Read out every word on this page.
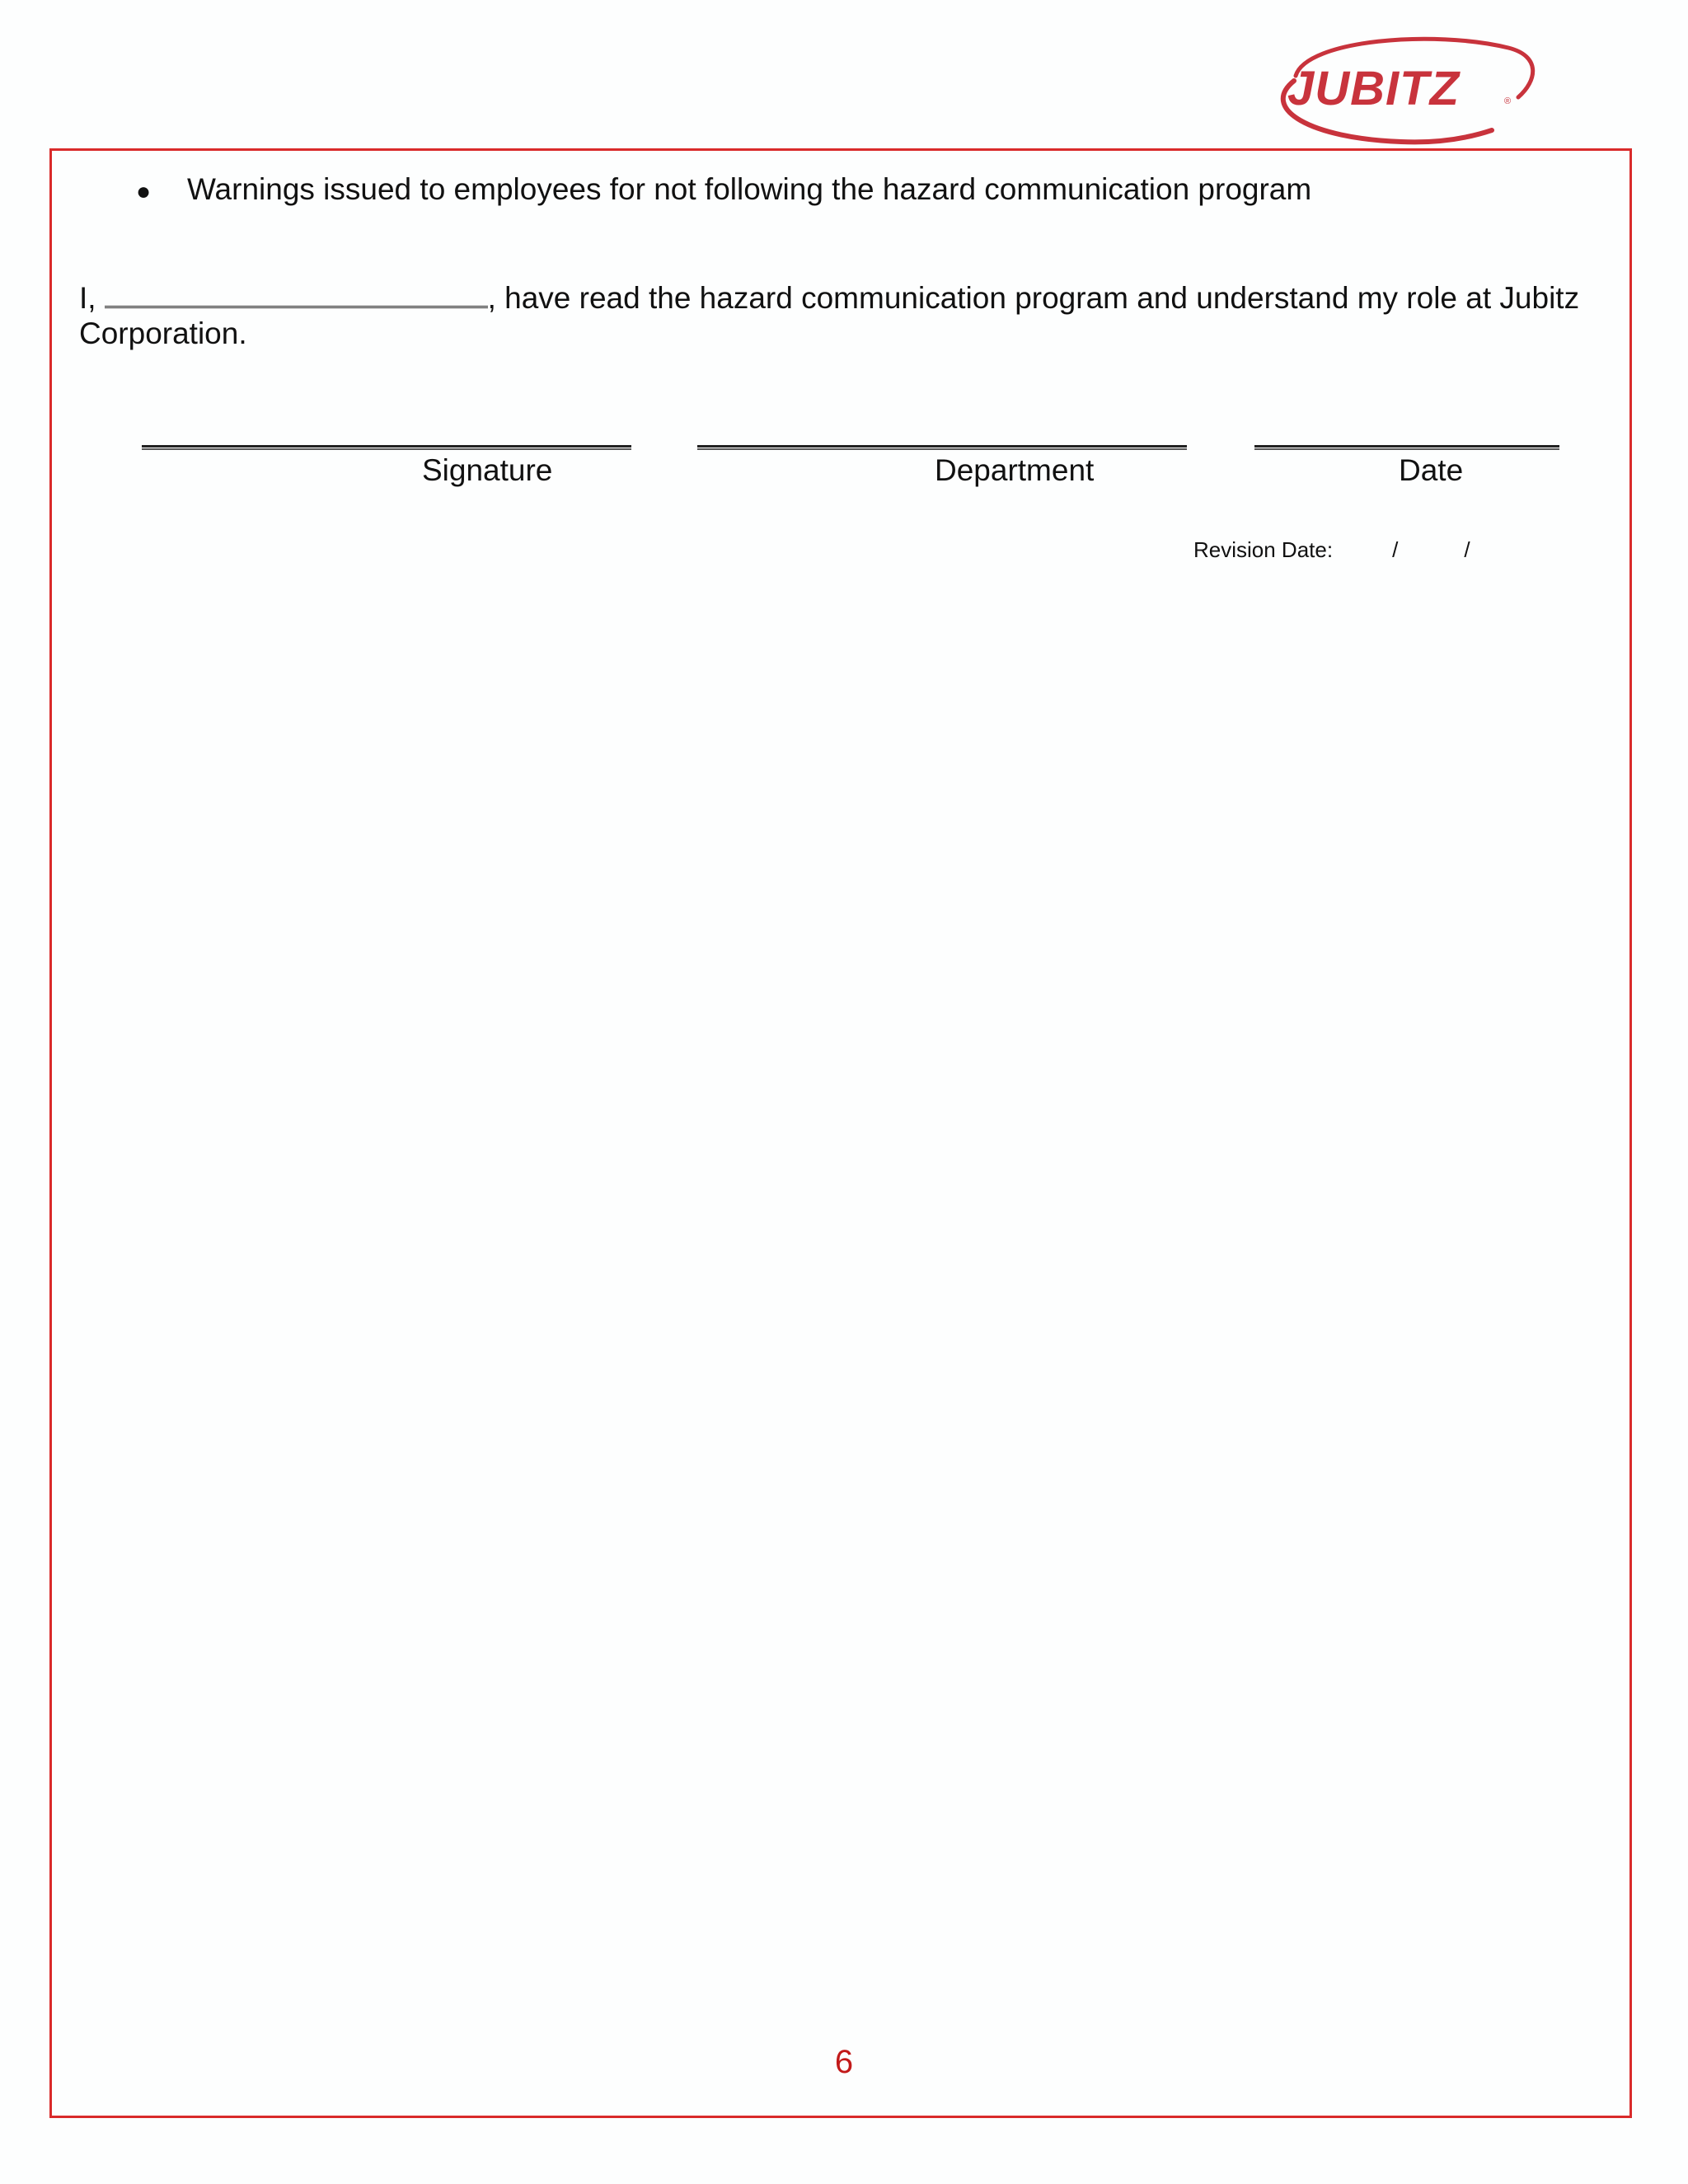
JUBITZ	®
● Warnings issued to employees for not following the hazard communication program
I,	, have read the hazard communication program and understand my role at Jubitz Corporation.
Signature	Department	Date
Revision Date:	/	/
6
